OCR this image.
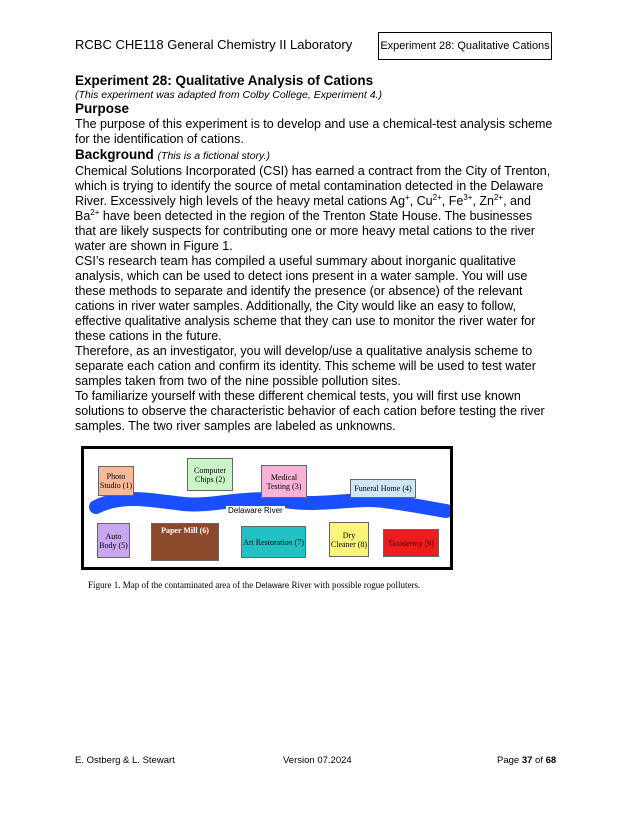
RCBC CHE118 General Chemistry II Laboratory	Experiment 28: Qualitative Cations

Experiment 28: Qualitative Analysis of Cations

(This experiment was adapted from Colby College, Experiment 4.)

Purpose

The purpose of this experiment is to develop and use a chemical-test analysis scheme for the identification of cations.

Background (This is a fictional story.)

Chemical Solutions Incorporated (CSI) has earned a contract from the City of Trenton, which is trying to identify the source of metal contamination detected in the Delaware River. Excessively high levels of the heavy metal cations Ag+, $Cu^{2+}$, $Fe^{3+}$, $Zn^{2+}$, and $Ba^{2+}$ have been detected in the region of the Trenton State House. The businesses that are likely suspects for contributing one or more heavy metal cations to the river water are shown in Figure 1.

CSI’s research team has compiled a useful summary about inorganic qualitative analysis, which can be used to detect ions present in a water sample. You will use these methods to separate and identify the presence (or absence) of the relevant cations in river water samples. Additionally, the City would like an easy to follow, effective qualitative analysis scheme that they can use to monitor the river water for these cations in the future.

Therefore, as an investigator, you will develop/use a qualitative analysis scheme to separate each cation and confirm its identity. This scheme will be used to test water samples taken from two of the nine possible pollution sites.

To familiarize yourself with these different chemical tests, you will first use known solutions to observe the characteristic behavior of each cation before testing the river samples. The two river samples are labeled as unknowns.

Photo Studio (1)
Computer Chips (2)	Medical Testing (3)	Funeral Home (4)
Delaware River
Auto Body (5)
Paper Mill (6)
Art Restoration (7)
Dry Cleaner (8)	Taxidermy (9)
Figure 1. Map of the contaminated area of the Delaware River with possible rogue polluters.
E. Ostberg & L. Stewart	Version 07.2024	Page 37 of 68
